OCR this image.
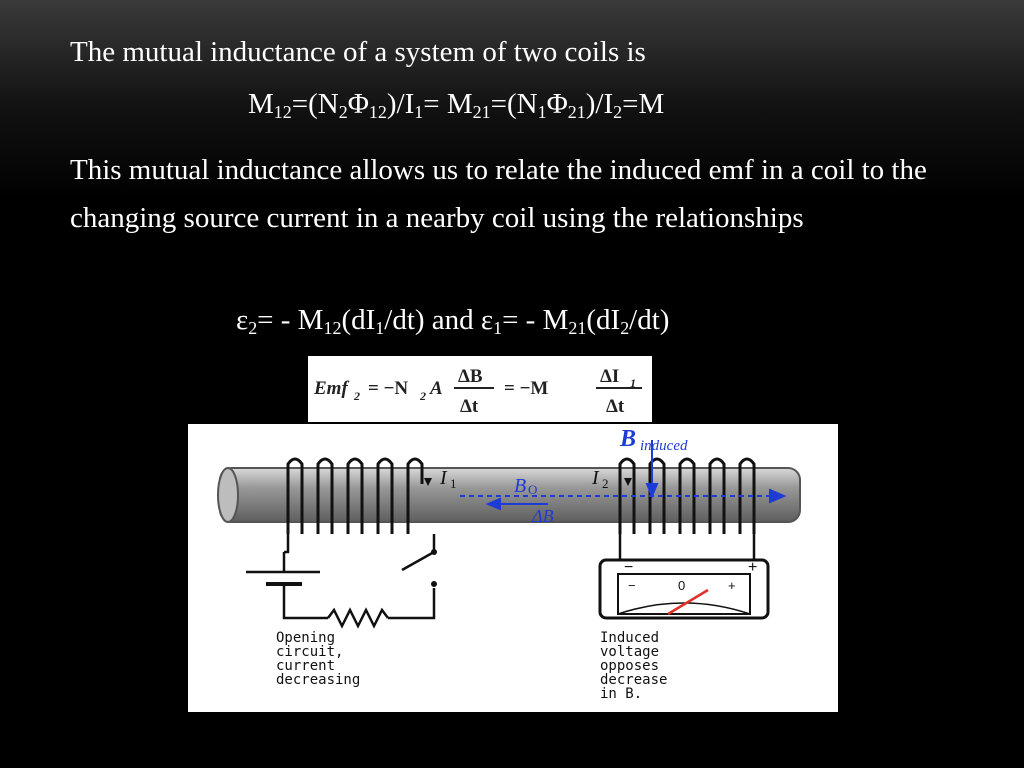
The mutual inductance of a system of two coils is
$M_{12}=(N_2\Phi_{12})/I_1= M_{21}=(N_1\Phi_{21})/I_2=M$
This mutual inductance allows us to relate the induced emf in a coil to the changing source current in a nearby coil using the relationships
$\varepsilon_2= - M_{12}(dI_1/dt)$ and $\varepsilon_1= - M_{21}(dI_2/dt)$
Emf 2 = −N 2 A
ΔB
Δt
= −M
ΔI 1
Δt
I 1	I 2
B O
ΔB
B induced
−	+
−	0	+
Opening
circuit,
current
decreasing
Induced
voltage
opposes
decrease
in B.
